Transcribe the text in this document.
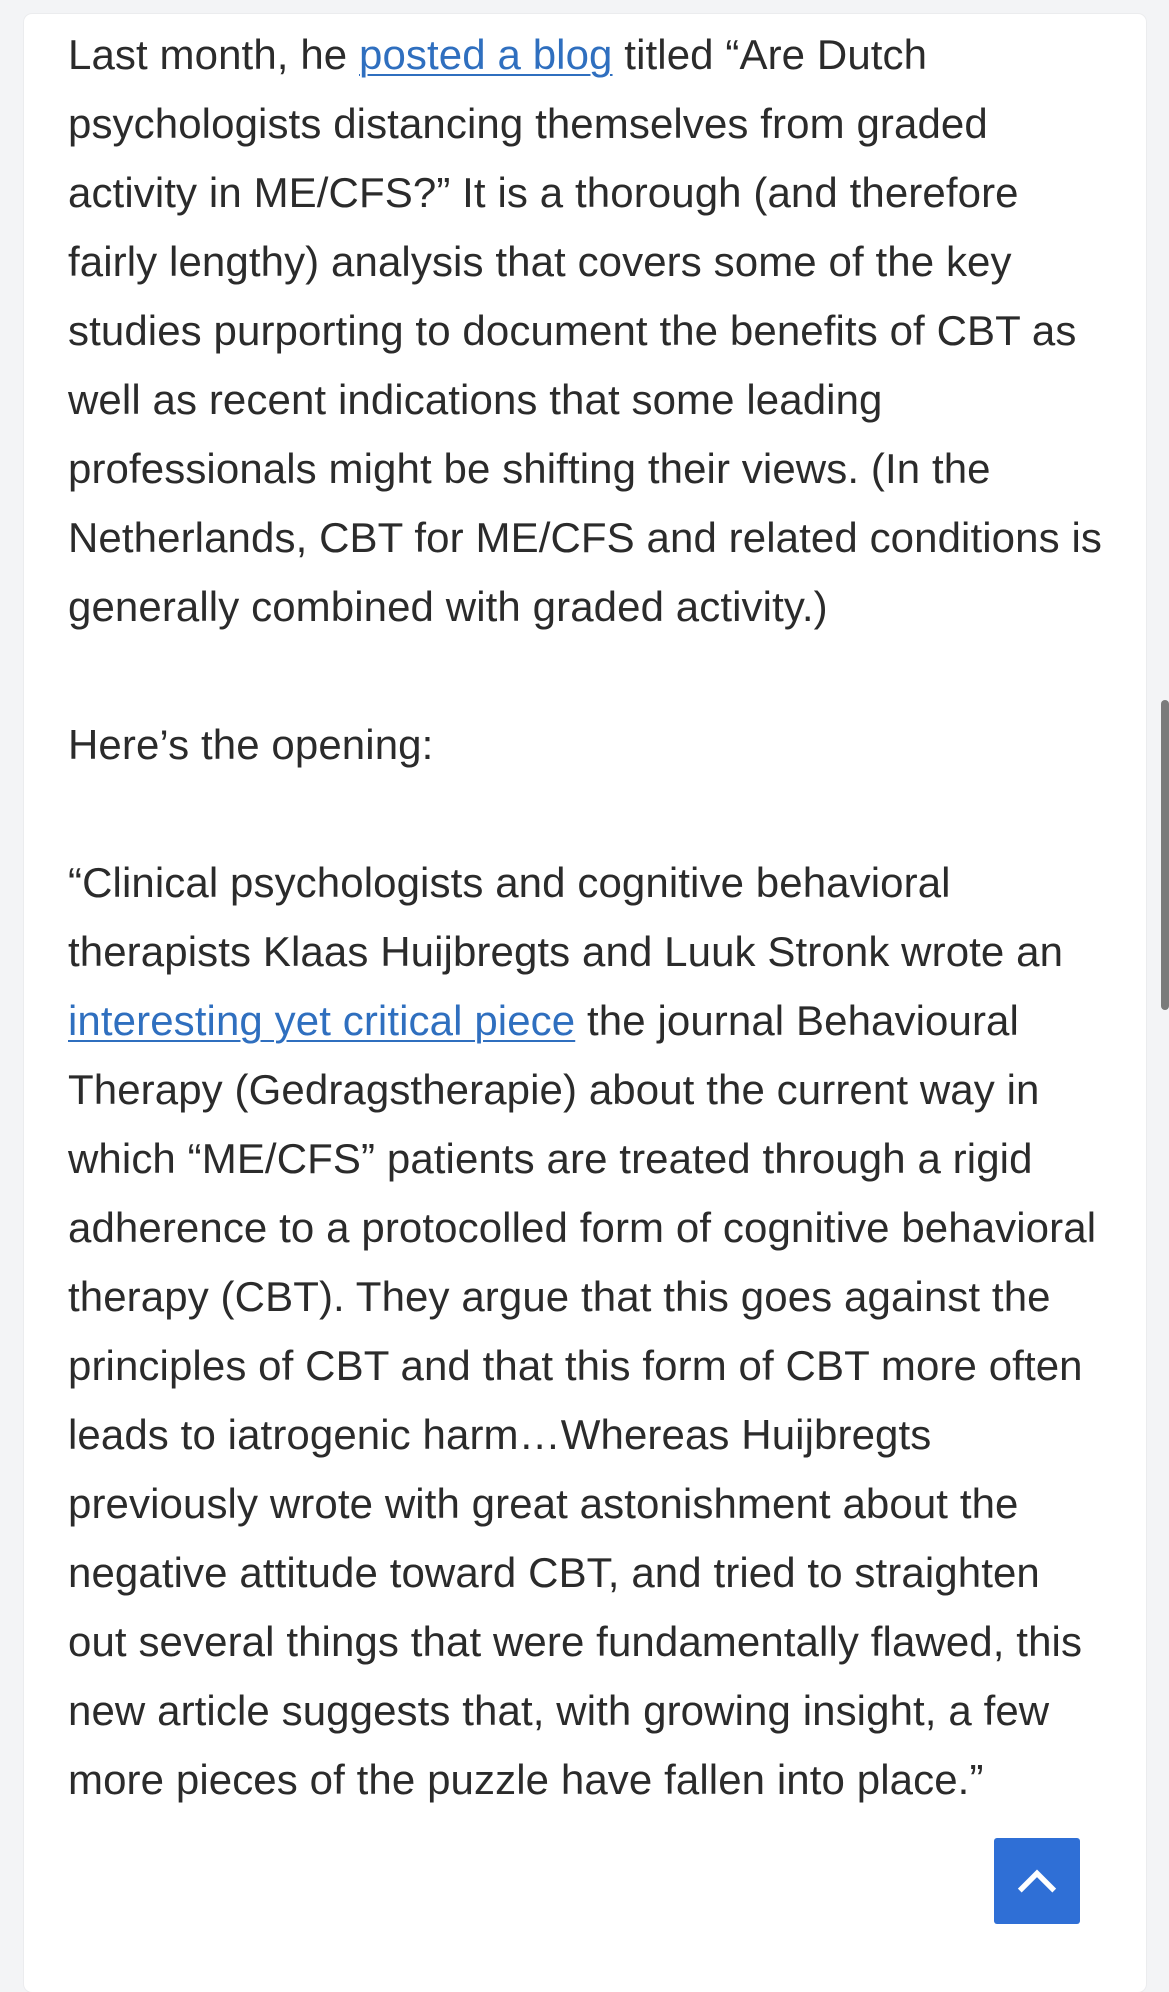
Last month, he posted a blog titled “Are Dutch psychologists distancing themselves from graded activity in ME/CFS?” It is a thorough (and therefore fairly lengthy) analysis that covers some of the key studies purporting to document the benefits of CBT as well as recent indications that some leading professionals might be shifting their views. (In the Netherlands, CBT for ME/CFS and related conditions is generally combined with graded activity.)

Here’s the opening:

“Clinical psychologists and cognitive behavioral therapists Klaas Huijbregts and Luuk Stronk wrote an interesting yet critical piece the journal Behavioural Therapy (Gedragstherapie) about the current way in which “ME/CFS” patients are treated through a rigid adherence to a protocolled form of cognitive behavioral therapy (CBT). They argue that this goes against the principles of CBT and that this form of CBT more often leads to iatrogenic harm…Whereas Huijbregts previously wrote with great astonishment about the negative attitude toward CBT, and tried to straighten out several things that were fundamentally flawed, this new article suggests that, with growing insight, a few more pieces of the puzzle have fallen into place.”
